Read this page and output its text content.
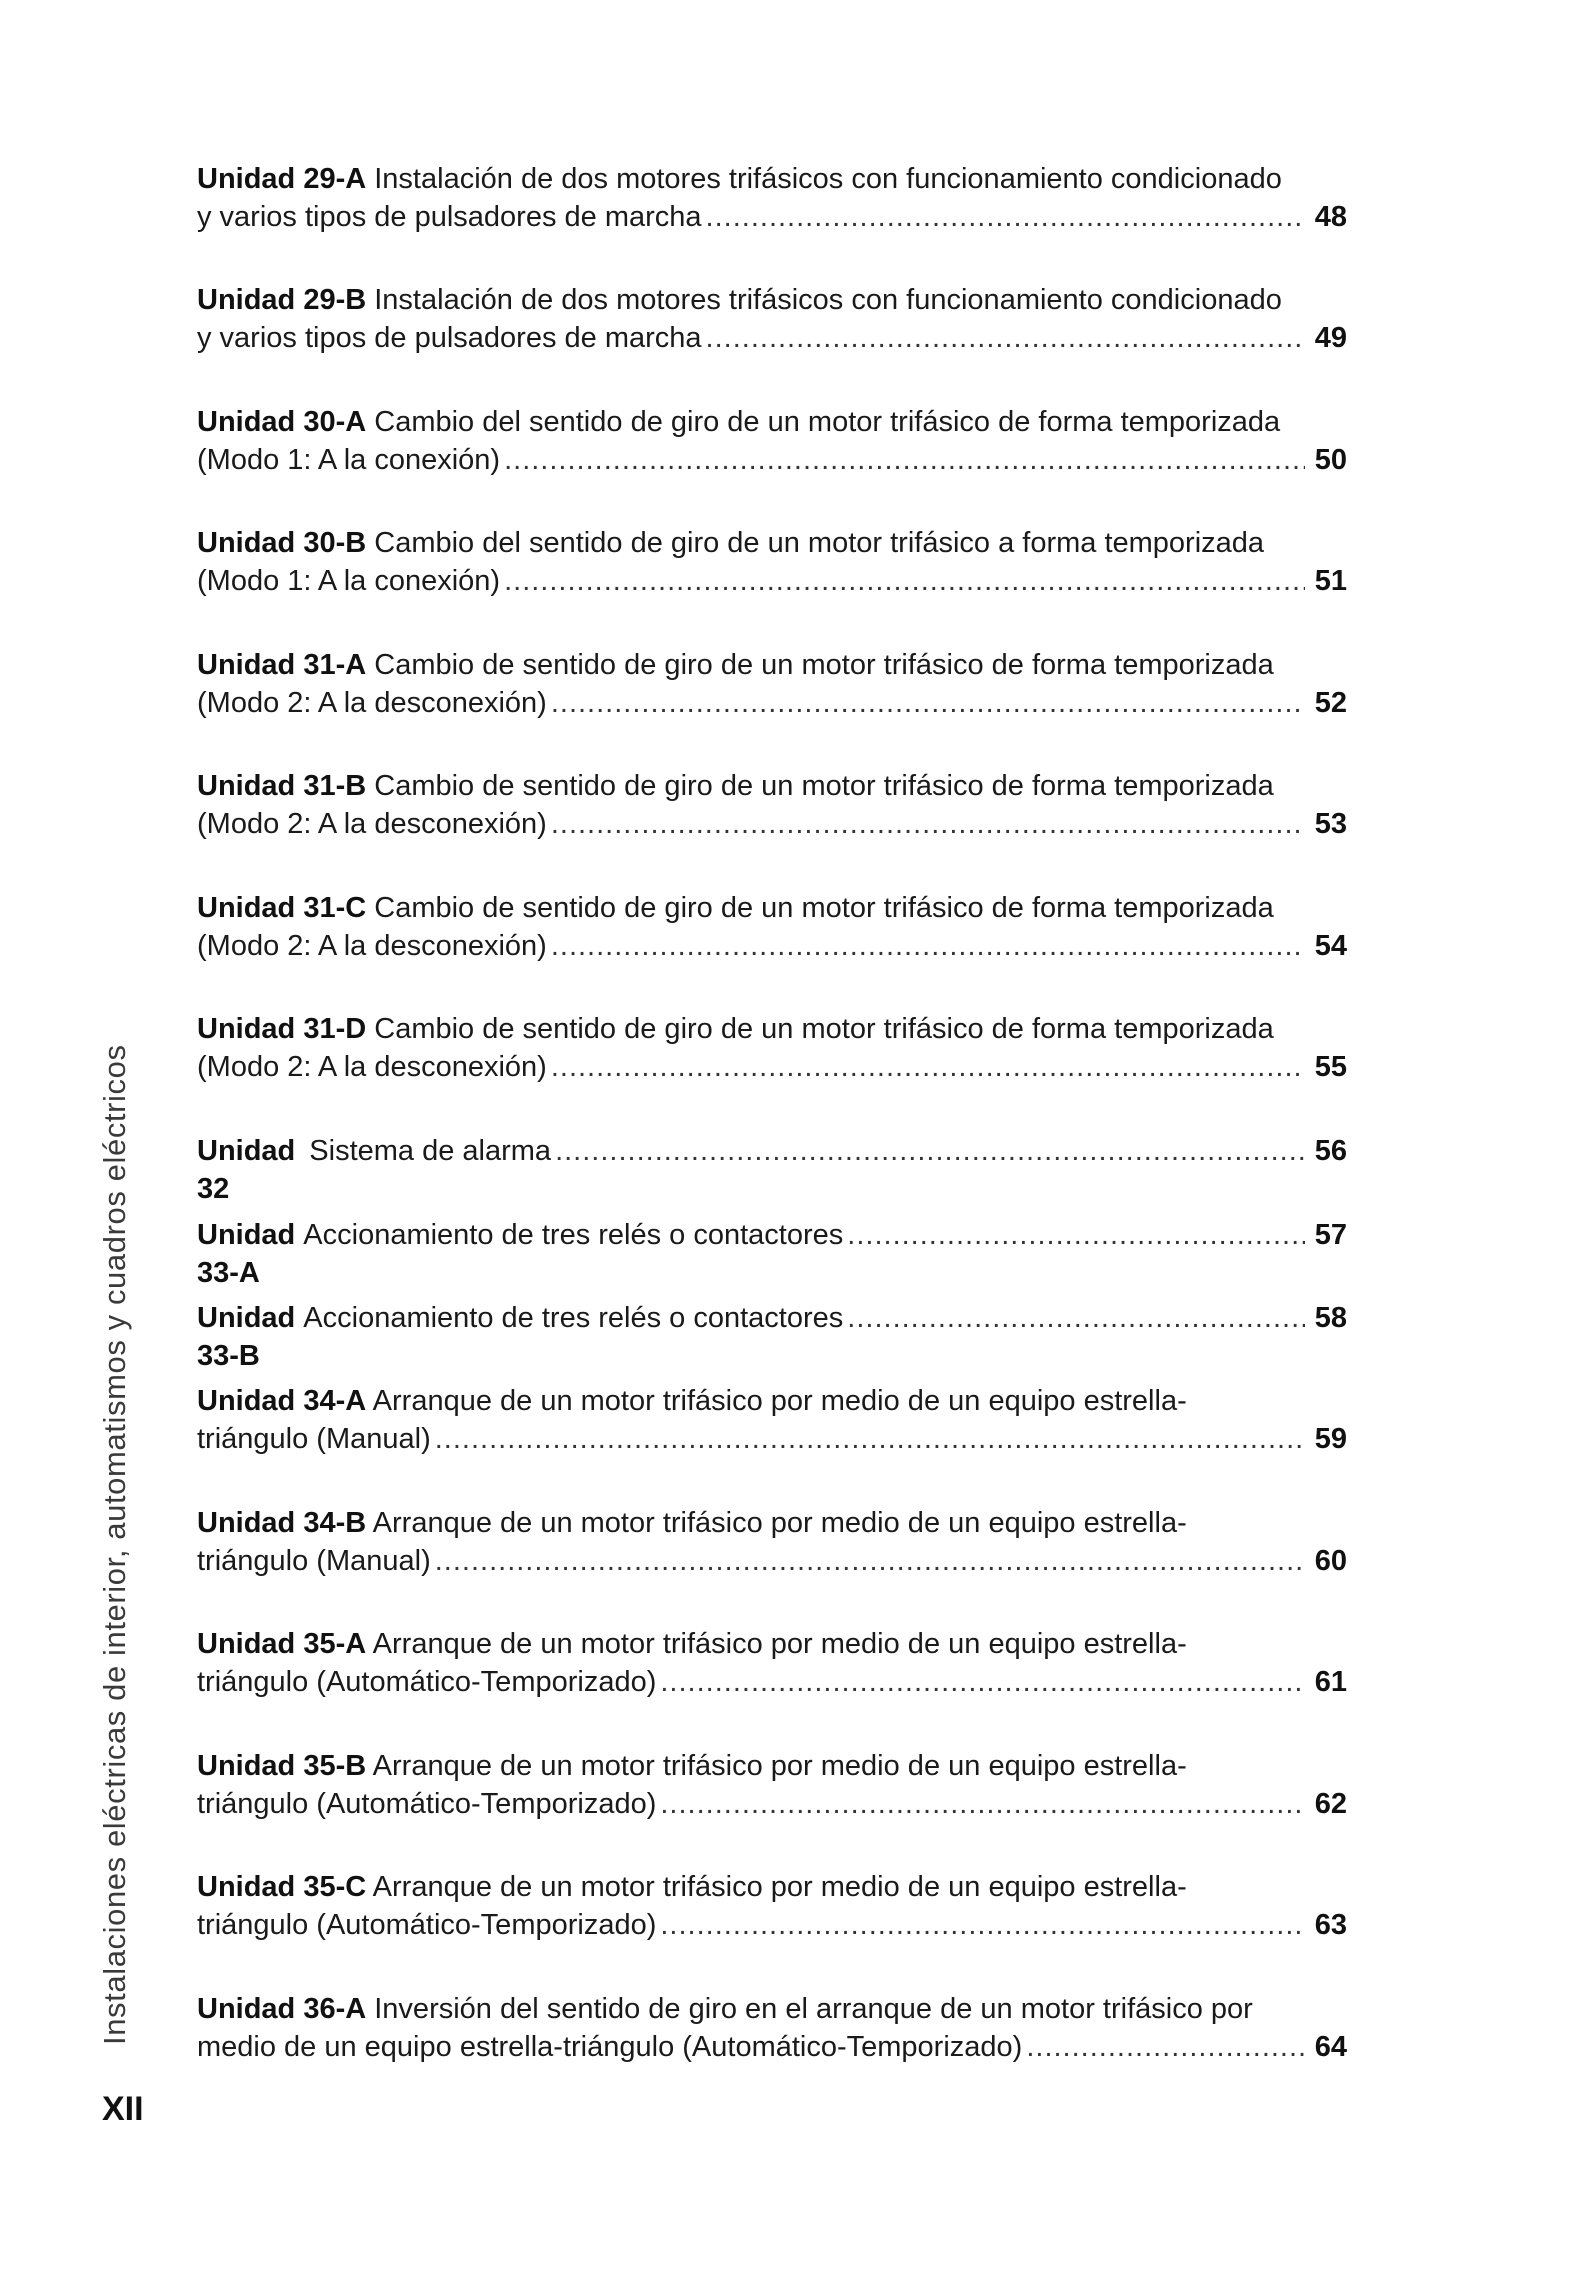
Instalaciones eléctricas de interior, automatismos y cuadros eléctricos
XII
Unidad 29-A Instalación de dos motores trifásicos con funcionamiento condicionado
y varios tipos de pulsadores de marcha .....	48
Unidad 29-B Instalación de dos motores trifásicos con funcionamiento condicionado
y varios tipos de pulsadores de marcha .....	49
Unidad 30-A Cambio del sentido de giro de un motor trifásico de forma temporizada
(Modo 1: A la conexión) .....	50
Unidad 30-B Cambio del sentido de giro de un motor trifásico a forma temporizada
(Modo 1: A la conexión) .....	51
Unidad 31-A Cambio de sentido de giro de un motor trifásico de forma temporizada
(Modo 2: A la desconexión) .....	52
Unidad 31-B Cambio de sentido de giro de un motor trifásico de forma temporizada
(Modo 2: A la desconexión) .....	53
Unidad 31-C Cambio de sentido de giro de un motor trifásico de forma temporizada
(Modo 2: A la desconexión) .....	54
Unidad 31-D Cambio de sentido de giro de un motor trifásico de forma temporizada
(Modo 2: A la desconexión) .....	55
Unidad 32
Sistema de alarma .....	56
Unidad 33-A
Accionamiento de tres relés o contactores .....	57
Unidad 33-B
Accionamiento de tres relés o contactores .....	58
Unidad 34-A Arranque de un motor trifásico por medio de un equipo estrella-
triángulo (Manual) .....	59
Unidad 34-B Arranque de un motor trifásico por medio de un equipo estrella-
triángulo (Manual) .....	60
Unidad 35-A Arranque de un motor trifásico por medio de un equipo estrella-
triángulo (Automático-Temporizado) .....	61
Unidad 35-B Arranque de un motor trifásico por medio de un equipo estrella-
triángulo (Automático-Temporizado) .....	62
Unidad 35-C Arranque de un motor trifásico por medio de un equipo estrella-
triángulo (Automático-Temporizado) .....	63
Unidad 36-A Inversión del sentido de giro en el arranque de un motor trifásico por
medio de un equipo estrella-triángulo (Automático-Temporizado) .....	64
